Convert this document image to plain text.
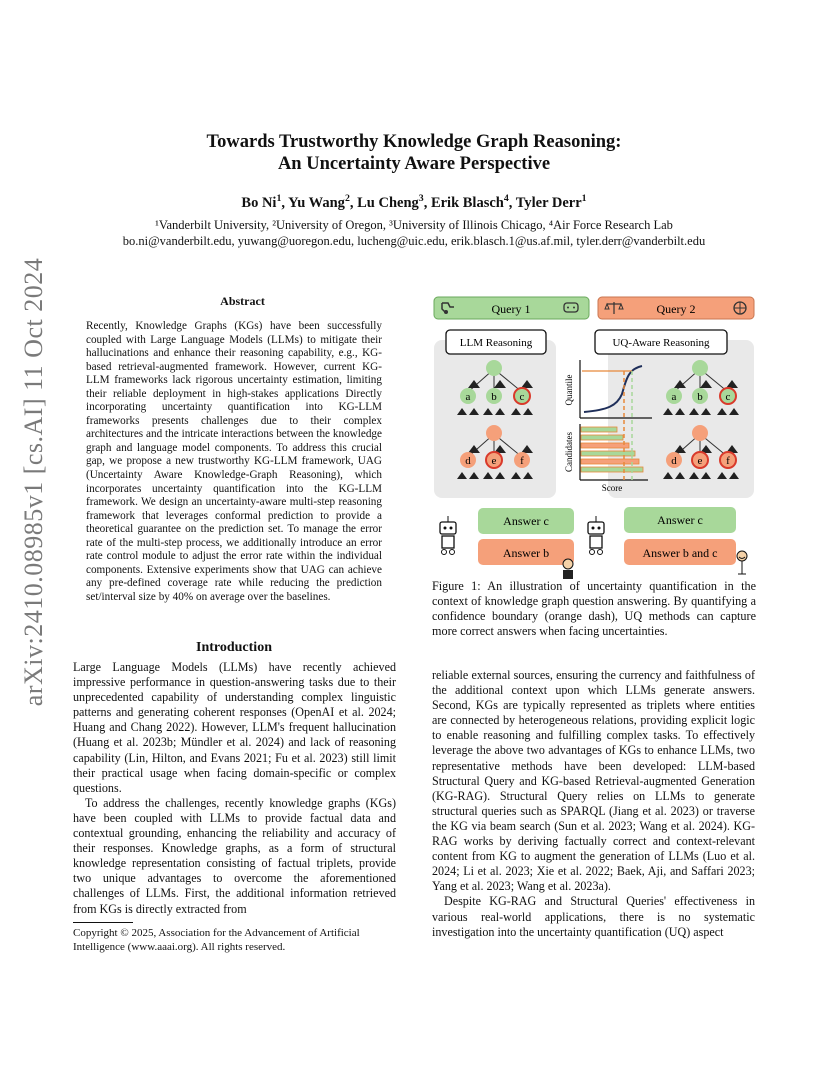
arXiv:2410.08985v1 [cs.AI] 11 Oct 2024
Towards Trustworthy Knowledge Graph Reasoning:
An Uncertainty Aware Perspective
Bo Ni$^1$, Yu Wang$^2$, Lu Cheng$^3$, Erik Blasch$^4$, Tyler Derr$^1$
¹Vanderbilt University, ²University of Oregon, ³University of Illinois Chicago, ⁴Air Force Research Lab
bo.ni@vanderbilt.edu, yuwang@uoregon.edu, lucheng@uic.edu, erik.blasch.1@us.af.mil, tyler.derr@vanderbilt.edu
Abstract
Recently, Knowledge Graphs (KGs) have been successfully coupled with Large Language Models (LLMs) to mitigate their hallucinations and enhance their reasoning capability, e.g., KG-based retrieval-augmented framework. However, current KG-LLM frameworks lack rigorous uncertainty estimation, limiting their reliable deployment in high-stakes applications Directly incorporating uncertainty quantification into KG-LLM frameworks presents challenges due to their complex architectures and the intricate interactions between the knowledge graph and language model components. To address this crucial gap, we propose a new trustworthy KG-LLM framework, UAG (Uncertainty Aware Knowledge-Graph Reasoning), which incorporates uncertainty quantification into the KG-LLM framework. We design an uncertainty-aware multi-step reasoning framework that leverages conformal prediction to provide a theoretical guarantee on the prediction set. To manage the error rate of the multi-step process, we additionally introduce an error rate control module to adjust the error rate within the individual components. Extensive experiments show that UAG can achieve any pre-defined coverage rate while reducing the prediction set/interval size by 40% on average over the baselines.
Introduction

Large Language Models (LLMs) have recently achieved impressive performance in question-answering tasks due to their unprecedented capability of understanding complex linguistic patterns and generating coherent responses (OpenAI et al. 2024; Huang and Chang 2022). However, LLM's frequent hallucination (Huang et al. 2023b; Mündler et al. 2024) and lack of reasoning capability (Lin, Hilton, and Evans 2021; Fu et al. 2023) still limit their practical usage when facing domain-specific or complex questions.

To address the challenges, recently knowledge graphs (KGs) have been coupled with LLMs to provide factual data and contextual grounding, enhancing the reliability and accuracy of their responses. Knowledge graphs, as a form of structural knowledge representation consisting of factual triplets, provide two unique advantages to overcome the aforementioned challenges of LLMs. First, the additional information retrieved from KGs is directly extracted from

Copyright © 2025, Association for the Advancement of Artificial Intelligence (www.aaai.org). All rights reserved.
Query 1	Query 2
LLM Reasoning	UQ-Aware Reasoning
a b c
d e f
Quantile
Candidates
Score
a b c
d e f
Answer c
Answer b
Answer c
Answer b and c
Figure 1: An illustration of uncertainty quantification in the context of knowledge graph question answering. By quantifying a confidence boundary (orange dash), UQ methods can capture more correct answers when facing uncertainties.

reliable external sources, ensuring the currency and faithfulness of the additional context upon which LLMs generate answers. Second, KGs are typically represented as triplets where entities are connected by heterogeneous relations, providing explicit logic to enable reasoning and fulfilling complex tasks. To effectively leverage the above two advantages of KGs to enhance LLMs, two representative methods have been developed: LLM-based Structural Query and KG-based Retrieval-augmented Generation (KG-RAG). Structural Query relies on LLMs to generate structural queries such as SPARQL (Jiang et al. 2023) or traverse the KG via beam search (Sun et al. 2023; Wang et al. 2024). KG-RAG works by deriving factually correct and context-relevant content from KG to augment the generation of LLMs (Luo et al. 2024; Li et al. 2023; Xie et al. 2022; Baek, Aji, and Saffari 2023; Yang et al. 2023; Wang et al. 2023a).

Despite KG-RAG and Structural Queries' effectiveness in various real-world applications, there is no systematic investigation into the uncertainty quantification (UQ) aspect
